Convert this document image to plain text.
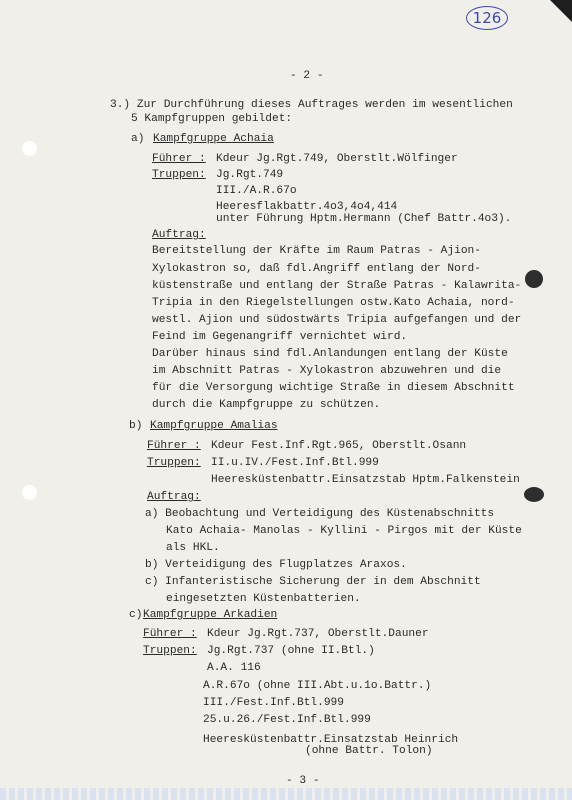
126
- 2 -
3.) Zur Durchführung dieses Auftrages werden im wesentlichen
5 Kampfgruppen gebildet:
a) Kampfgruppe Achaia
Führer : Kdeur Jg.Rgt.749, Oberstlt.Wölfinger
Truppen: Jg.Rgt.749
III./A.R.67o
Heeresflakbattr.4o3,4o4,414
unter Führung Hptm.Hermann (Chef Battr.4o3).
Auftrag:
Bereitstellung der Kräfte im Raum Patras - Ajion-
Xylokastron so, daß fdl.Angriff entlang der Nord-
küstenstraße und entlang der Straße Patras - Kalawrita-
Tripia in den Riegelstellungen ostw.Kato Achaia, nord-
westl. Ajion und südostwärts Tripia aufgefangen und der
Feind im Gegenangriff vernichtet wird.
Darüber hinaus sind fdl.Anlandungen entlang der Küste
im Abschnitt Patras - Xylokastron abzuwehren und die
für die Versorgung wichtige Straße in diesem Abschnitt
durch die Kampfgruppe zu schützen.
b) Kampfgruppe Amalias
Führer : Kdeur Fest.Inf.Rgt.965, Oberstlt.Osann
Truppen: II.u.IV./Fest.Inf.Btl.999
Heeresküstenbattr.Einsatzstab Hptm.Falkenstein
Auftrag:
a) Beobachtung und Verteidigung des Küstenabschnitts
Kato Achaia- Manolas - Kyllini - Pirgos mit der Küste
als HKL.
b) Verteidigung des Flugplatzes Araxos.
c) Infanteristische Sicherung der in dem Abschnitt
eingesetzten Küstenbatterien.
c) Kampfgruppe Arkadien
Führer : Kdeur Jg.Rgt.737, Oberstlt.Dauner
Truppen: Jg.Rgt.737 (ohne II.Btl.)
A.A. 116
A.R.67o (ohne III.Abt.u.1o.Battr.)
III./Fest.Inf.Btl.999
25.u.26./Fest.Inf.Btl.999
Heeresküstenbattr.Einsatzstab Heinrich
(ohne Battr. Tolon)
- 3 -
